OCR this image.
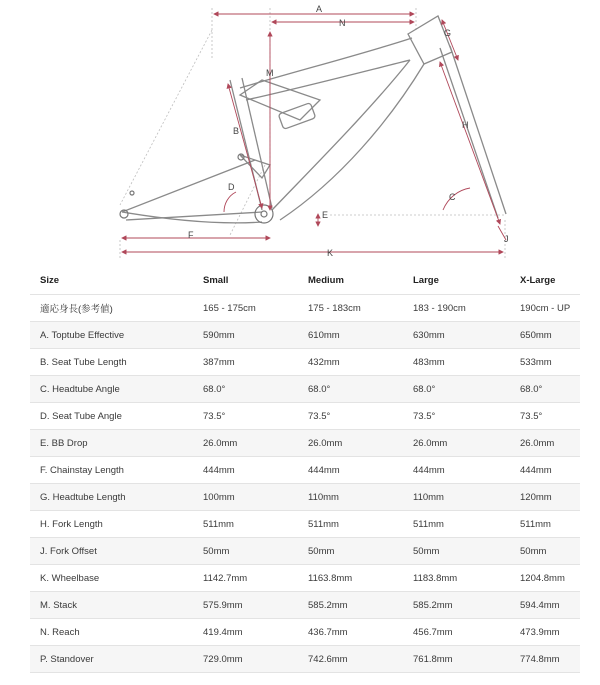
A
N
M
G
H
B
C
D
E
F
K
J
Size	Small	Medium	Large	X-Large
適応身長(参考値)	165 - 175cm	175 - 183cm	183 - 190cm	190cm - UP
A. Toptube Effective	590mm	610mm	630mm	650mm
B. Seat Tube Length	387mm	432mm	483mm	533mm
C. Headtube Angle	68.0°	68.0°	68.0°	68.0°
D. Seat Tube Angle	73.5°	73.5°	73.5°	73.5°
E. BB Drop	26.0mm	26.0mm	26.0mm	26.0mm
F. Chainstay Length	444mm	444mm	444mm	444mm
G. Headtube Length	100mm	110mm	110mm	120mm
H. Fork Length	511mm	511mm	511mm	511mm
J. Fork Offset	50mm	50mm	50mm	50mm
K. Wheelbase	1142.7mm	1163.8mm	1183.8mm	1204.8mm
M. Stack	575.9mm	585.2mm	585.2mm	594.4mm
N. Reach	419.4mm	436.7mm	456.7mm	473.9mm
P. Standover	729.0mm	742.6mm	761.8mm	774.8mm
